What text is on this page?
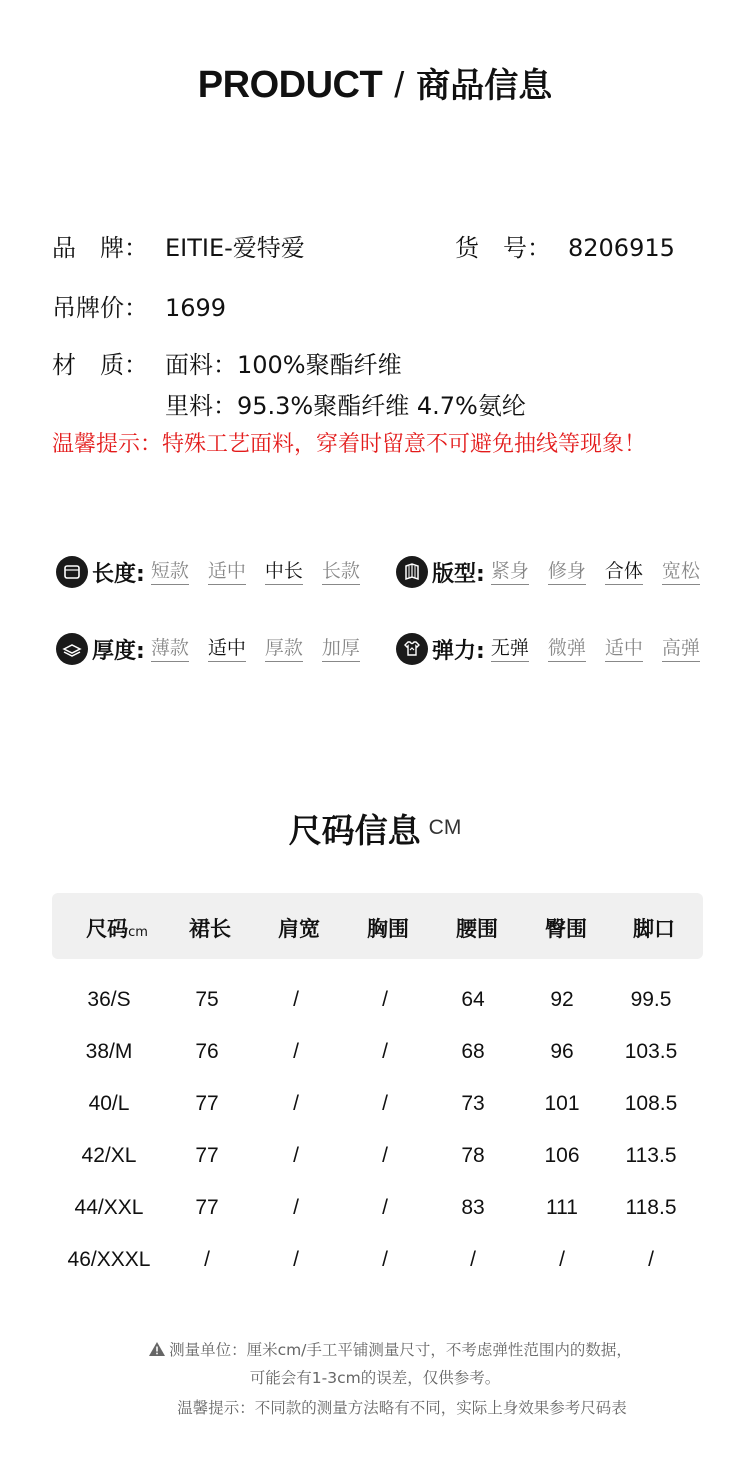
PRODUCT / 商品信息
品　牌： EITIE-爱特爱	货　号： 8206915
吊牌价： 1699
材　质： 面料：100%聚酯纤维
里料：95.3%聚酯纤维 4.7%氨纶
温馨提示：特殊工艺面料，穿着时留意不可避免抽线等现象！
长度: 短款 适中 中长 长款	版型: 紧身 修身 合体 宽松
厚度: 薄款 适中 厚款 加厚	弹力: 无弹 微弹 适中 高弹
尺码信息 CM
尺码cm	裙长	肩宽	胸围	腰围	臀围	脚口
36/S	75	/	/	64	92	99.5
38/M	76	/	/	68	96	103.5
40/L	77	/	/	73	101	108.5
42/XL	77	/	/	78	106	113.5
44/XXL	77	/	/	83	111	118.5
46/XXXL	/	/	/	/	/	/
测量单位：厘米cm/手工平铺测量尺寸，不考虑弹性范围内的数据，
可能会有1-3cm的误差，仅供参考。
温馨提示：不同款的测量方法略有不同，实际上身效果参考尺码表
